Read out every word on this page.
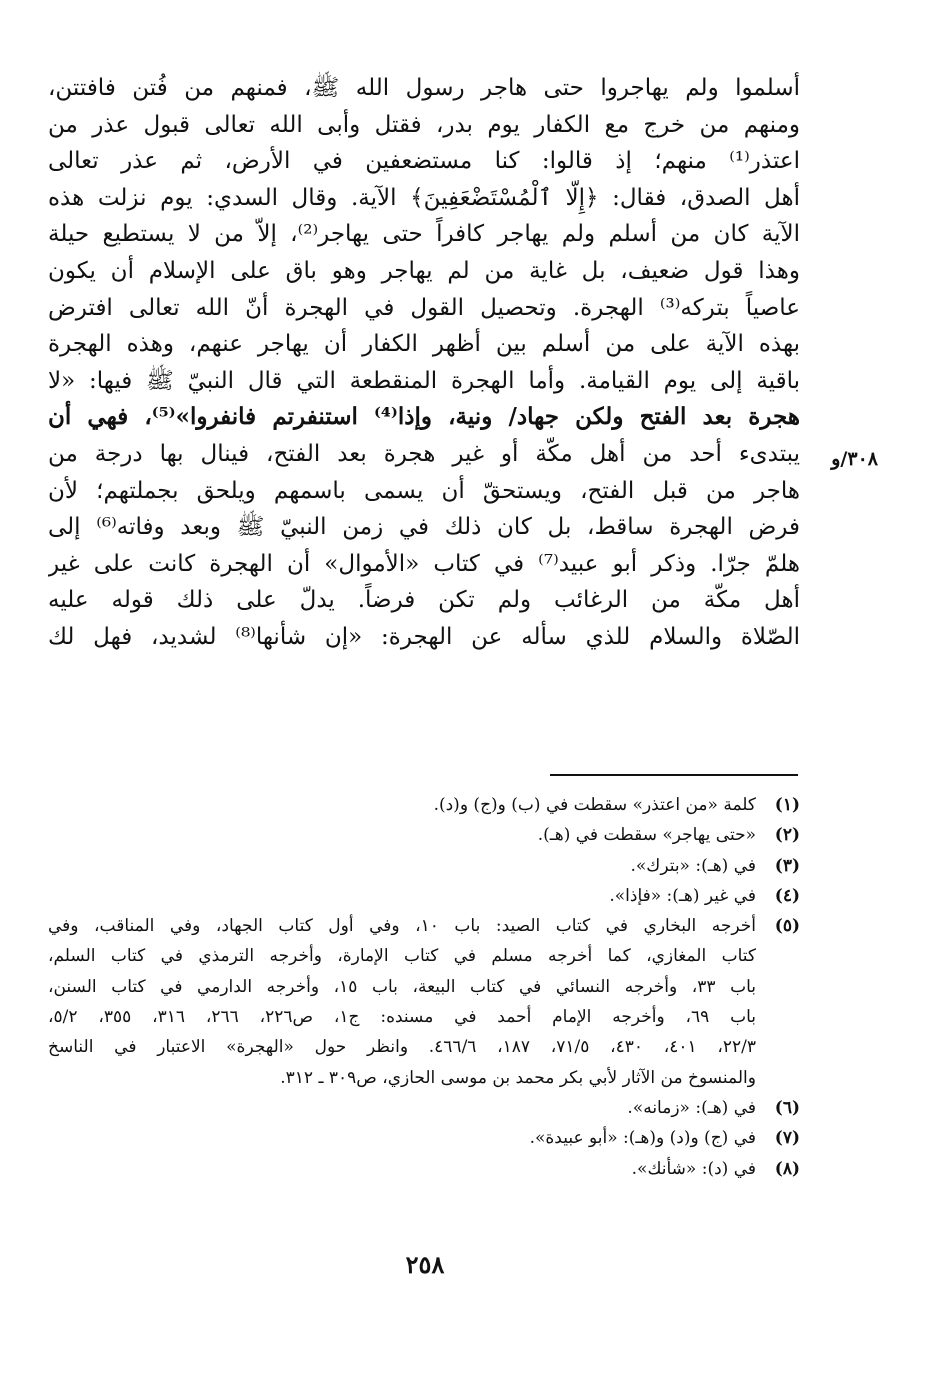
أسلموا ولم يهاجروا حتى هاجر رسول الله ﷺ، فمنهم من فُتن فافتتن،
ومنهم من خرج مع الكفار يوم بدر، فقتل وأبى الله تعالى قبول عذر من
اعتذر⁽¹⁾ منهم؛ إذ قالوا: كنا مستضعفين في الأرض، ثم عذر تعالى
أهل الصدق، فقال: ﴿إِلَّا ٱلْمُسْتَضْعَفِينَ﴾ الآية. وقال السدي: يوم نزلت هذه
الآية كان من أسلم ولم يهاجر كافراً حتى يهاجر⁽²⁾، إلاّ من لا يستطيع حيلة
وهذا قول ضعيف، بل غاية من لم يهاجر وهو باق على الإسلام أن يكون
عاصياً بتركه⁽³⁾ الهجرة. وتحصيل القول في الهجرة أنّ الله تعالى افترض
بهذه الآية على من أسلم بين أظهر الكفار أن يهاجر عنهم، وهذه الهجرة
باقية إلى يوم القيامة. وأما الهجرة المنقطعة التي قال النبيّ ﷺ فيها: «لا
هجرة بعد الفتح ولكن جهاد/ ونية، وإذا⁽⁴⁾ استنفرتم فانفروا»⁽⁵⁾، فهي أن
يبتدىء أحد من أهل مكّة أو غير هجرة بعد الفتح، فينال بها درجة من
هاجر من قبل الفتح، ويستحقّ أن يسمى باسمهم ويلحق بجملتهم؛ لأن
فرض الهجرة ساقط، بل كان ذلك في زمن النبيّ ﷺ وبعد وفاته⁽⁶⁾ إلى
هلمّ جرّا. وذكر أبو عبيد⁽⁷⁾ في كتاب «الأموال» أن الهجرة كانت على غير
أهل مكّة من الرغائب ولم تكن فرضاً. يدلّ على ذلك قوله عليه
الصّلاة والسلام للذي سأله عن الهجرة: «إن شأنها⁽⁸⁾ لشديد، فهل لك

٣٠٨/و
(١)
كلمة «من اعتذر» سقطت في (ب) و(ج) و(د).
(٢)
«حتى يهاجر» سقطت في (هـ).
(٣)
في (هـ): «بترك».
(٤)
في غير (هـ): «فإذا».
(٥)
أخرجه البخاري في كتاب الصيد: باب ١٠، وفي أول كتاب الجهاد، وفي المناقب، وفي
كتاب المغازي، كما أخرجه مسلم في كتاب الإمارة، وأخرجه الترمذي في كتاب السلم،
باب ٣٣، وأخرجه النسائي في كتاب البيعة، باب ١٥، وأخرجه الدارمي في كتاب السنن،
باب ٦٩، وأخرجه الإمام أحمد في مسنده: ج١، ص٢٢٦، ٢٦٦، ٣١٦، ٣٥٥، ٥/٢،
٢٢/٣، ٤٠١، ٤٣٠، ٧١/٥، ١٨٧، ٤٦٦/٦. وانظر حول «الهجرة» الاعتبار في الناسخ
والمنسوخ من الآثار لأبي بكر محمد بن موسى الحازي، ص٣٠٩ ـ ٣١٢.
(٦)
في (هـ): «زمانه».
(٧)
في (ج) و(د) و(هـ): «أبو عبيدة».
(٨)
في (د): «شأنك».
٢٥٨
